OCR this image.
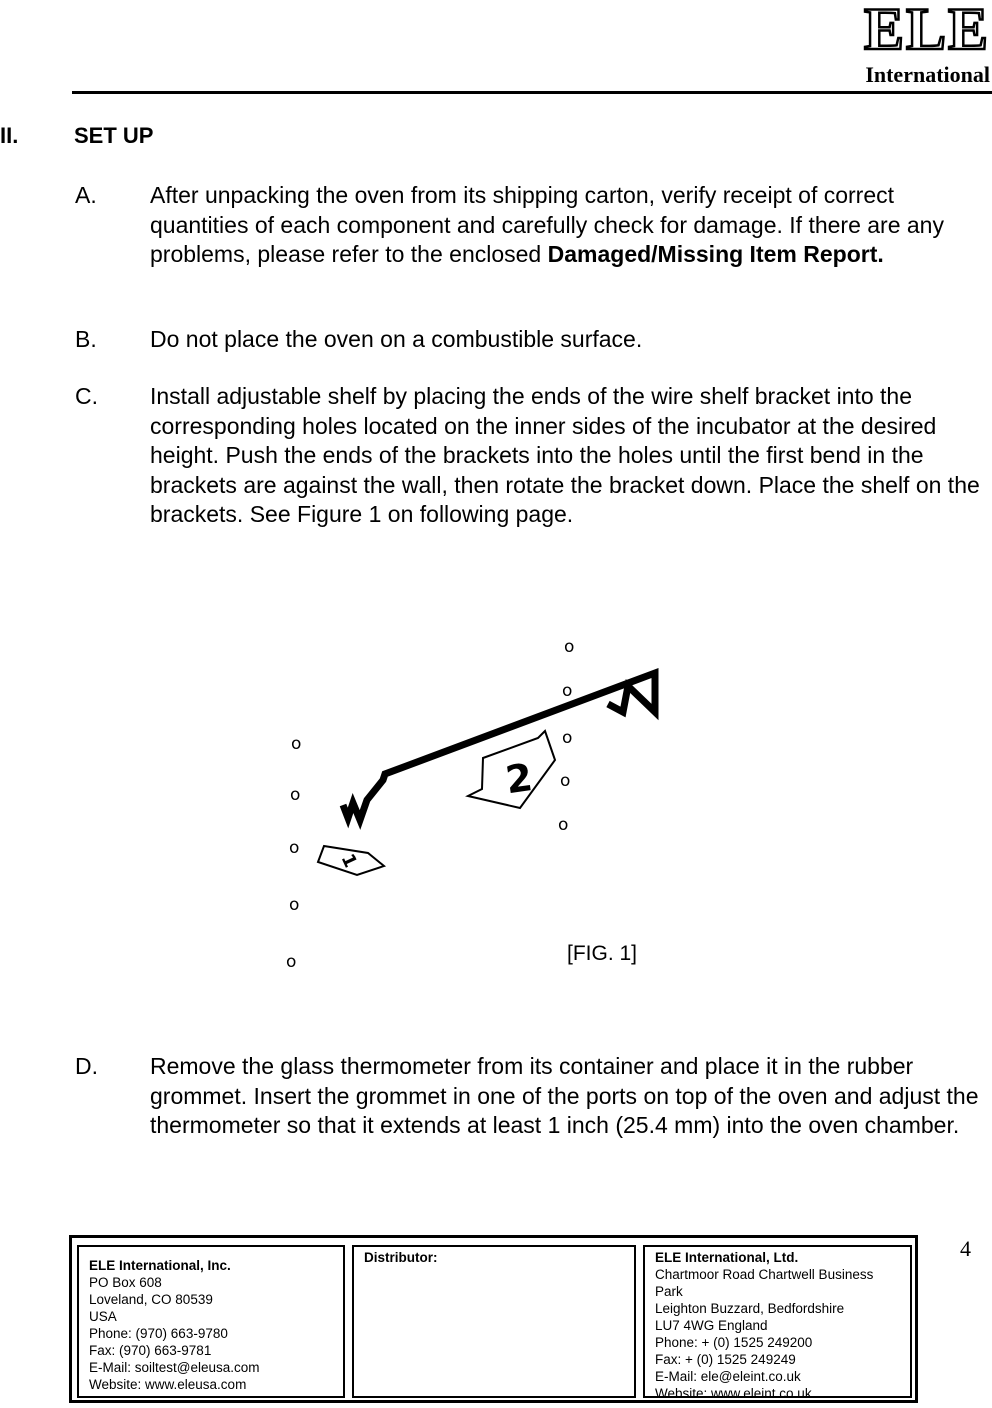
ELE
International
II.	SET UP
A. After unpacking the oven from its shipping carton, verify receipt of correct quantities of each component and carefully check for damage. If there are any problems, please refer to the enclosed Damaged/Missing Item Report.
B. Do not place the oven on a combustible surface.
C. Install adjustable shelf by placing the ends of the wire shelf bracket into the corresponding holes located on the inner sides of the incubator at the desired height. Push the ends of the brackets into the holes until the first bend in the brackets are against the wall, then rotate the bracket down. Place the shelf on the brackets. See Figure 1 on following page.
o
o
o
o
o
o
o
o
o
o
2
1
[FIG. 1]
D. Remove the glass thermometer from its container and place it in the rubber grommet. Insert the grommet in one of the ports on top of the oven and adjust the thermometer so that it extends at least 1 inch (25.4 mm) into the oven chamber.
4
ELE International, Inc.
PO Box 608
Loveland, CO 80539
USA
Phone: (970) 663-9780
Fax: (970) 663-9781
E-Mail: soiltest@eleusa.com
Website: www.eleusa.com
Distributor:	ELE International, Ltd.
Chartmoor Road Chartwell Business
Park
Leighton Buzzard, Bedfordshire
LU7 4WG England
Phone: + (0) 1525 249200
Fax: + (0) 1525 249249
E-Mail: ele@eleint.co.uk
Website: www.eleint.co.uk
